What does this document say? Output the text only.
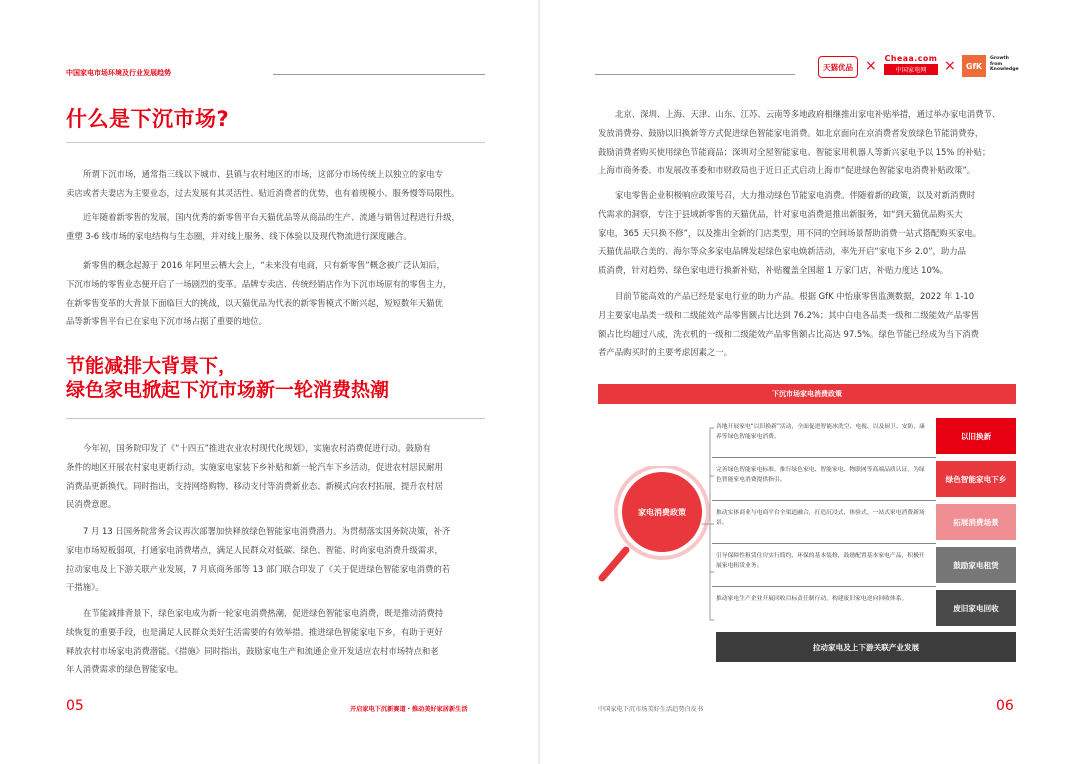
中国家电市场环境及行业发展趋势
什么是下沉市场?
所谓下沉市场，通常指三线以下城市、县镇与农村地区的市场，这部分市场传统上以独立的家电专
卖店或者夫妻店为主要业态，过去发展有其灵活性、贴近消费者的优势，也有着规模小、服务慢等局限性。
近年随着新零售的发展，国内优秀的新零售平台天猫优品等从商品的生产、流通与销售过程进行升级，
重塑 3-6 线市场的家电结构与生态圈，并对线上服务、线下体验以及现代物流进行深度融合。
新零售的概念起源于 2016 年阿里云栖大会上，“未来没有电商，只有新零售”概念被广泛认知后，
下沉市场的零售业态便开启了一场剧烈的变革。品牌专卖店、传统经销店作为下沉市场原有的零售主力，
在新零售变革的大背景下面临巨大的挑战，以天猫优品为代表的新零售模式不断兴起，短短数年天猫优
品等新零售平台已在家电下沉市场占据了重要的地位。
节能减排大背景下，
绿色家电掀起下沉市场新一轮消费热潮
今年初，国务院印发了《“十四五”推进农业农村现代化规划》，实施农村消费促进行动。鼓励有
条件的地区开展农村家电更新行动，实施家电家装下乡补贴和新一轮汽车下乡活动，促进农村居民耐用
消费品更新换代。同时指出，支持网络购物、移动支付等消费新业态、新模式向农村拓展，提升农村居
民消费意愿。
7 月 13 日国务院常务会议再次部署加快释放绿色智能家电消费潜力。为贯彻落实国务院决策，补齐
家电市场短板弱项，打通家电消费堵点，满足人民群众对低碳、绿色、智能、时尚家电消费升级需求，
拉动家电及上下游关联产业发展，7 月底商务部等 13 部门联合印发了《关于促进绿色智能家电消费的若
干措施》。
在节能减排背景下，绿色家电成为新一轮家电消费热潮，促进绿色智能家电消费，既是推动消费持
续恢复的重要手段，也是满足人民群众美好生活需要的有效举措。推进绿色智能家电下乡，有助于更好
释放农村市场家电消费潜能。《措施》同时指出，鼓励家电生产和流通企业开发适应农村市场特点和老
年人消费需求的绿色智能家电。
05	开启家电下沉新赛道・推动美好家居新生活
天猫优品 × Cheaa.com
中国家电网	×	GfK
Growth
from
Knowledge
北京、深圳、上海、天津、山东、江苏、云南等多地政府相继推出家电补贴举措，通过举办家电消费节、
发放消费券、鼓励以旧换新等方式促进绿色智能家电消费。如北京面向在京消费者发放绿色节能消费券，
鼓励消费者购买使用绿色节能商品；深圳对全屋智能家电、智能家用机器人等新兴家电予以 15% 的补贴；
上海市商务委、市发展改革委和市财政局也于近日正式启动上海市“促进绿色智能家电消费补贴政策”。
家电零售企业积极响应政策号召，大力推动绿色节能家电消费。伴随着新的政策，以及对新消费时
代需求的洞察，专注于县域新零售的天猫优品，针对家电消费退推出新服务，如“到天猫优品购买大
家电，365 天只换不修”，以及推出全新的门店类型，用不同的空间场景帮助消费一站式搭配购买家电。
天猫优品联合美的、海尔等众多家电品牌发起绿色家电焕新活动，率先开启“家电下乡 2.0”，助力品
质消费，针对趋势、绿色家电进行换新补贴，补贴覆盖全国超 1 万家门店，补贴力度达 10%。
目前节能高效的产品已经是家电行业的助力产品。根据 GfK 中怡康零售监测数据，2022 年 1-10
月主要家电品类一级和二级能效产品零售额占比达到 76.2%；其中白电各品类一级和二级能效产品零售
额占比均超过八成，洗衣机的一级和二级能效产品零售额占比高达 97.5%。绿色节能已经成为当下消费
者产品购买时的主要考虑因素之一。
下沉市场家电消费政策
家电消费政策
各地开展家电“以旧换新”活动，全面促进智能冰洗空、电视、以及厨卫、安防、康养等绿色智能家电消费。	以旧换新
完善绿色智能家电标准，推行绿色家电、智能家电、物联网等高端品质认证，为绿色智能家电消费提供指引。	绿色智能家电下乡
推动实体商业与电商平台全渠道融合，打造沉浸式、体验式、一站式家电消费新场景。	拓展消费场景
引导保障性租赁住房实行简约、环保的基本装修，鼓励配置基本家电产品，积极开展家电租赁业务。	鼓励家电租赁
推动家电生产企业开展回收目标责任制行动，构建废旧家电逆向回收体系。
废旧家电回收
拉动家电及上下游关联产业发展
中国家电下沉市场美好生活趋势白皮书	06
